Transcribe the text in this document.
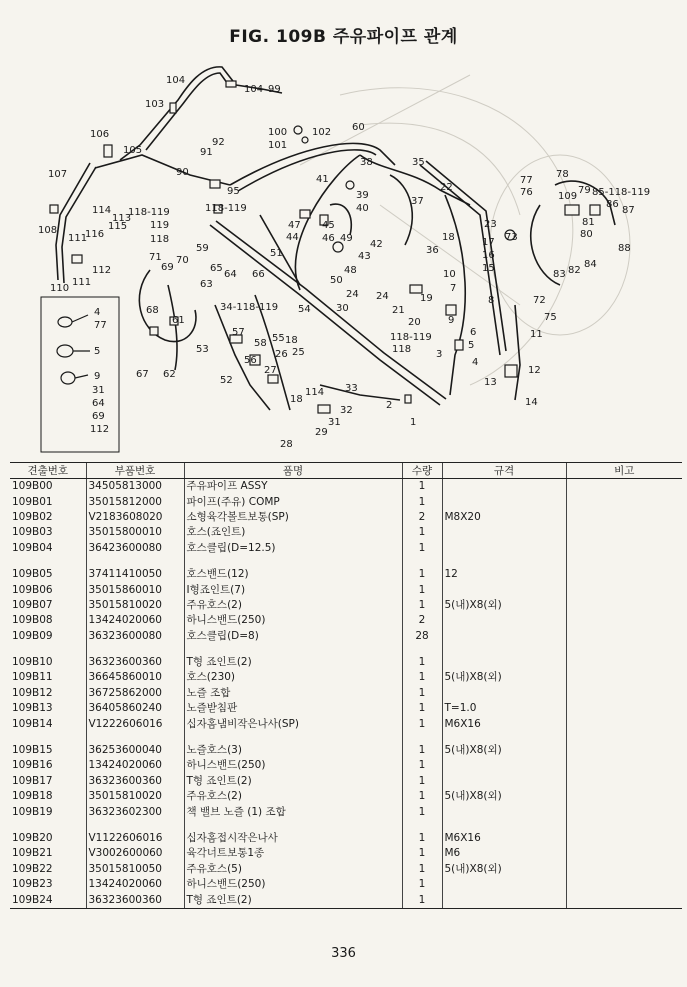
FIG. 109B 주유파이프 관계
4
77
5
9
31
64
69
112
104
104 99
103
105
106
107
108
110
111
111
112
113
114
115
116
118-119
118
119
100
101
102
92
91
90
95
118-119
60
38	35
22
39
40
41
37
45
46
47
44	49
42
43
48
50
24
30
36
18	17
16
15
10
7
8
9
6
5
4
3
2
1
11
12
13
14
19
20
21
23
24
118-119
118
25
18
26
27
28
29
31
32
33
18
114
34-118-119
52
53
54
55
56
57
58
59
61
62
63
64
65
66
67
68
69
70
71
72
73
75
76
77
78
79
80
81
82
83
84
85-118-119
86
87
88
51
109
견출번호	부품번호	품명	수량	규격	비고
109B00	34505813000	주유파이프 ASSY	1		
109B01	35015812000	파이프(주유) COMP	1		
109B02	V2183608020	소형육각볼트보통(SP)	2	M8X20	
109B03	35015800010	호스(죠인트)	1		
109B04	36423600080	호스클립(D=12.5)	1		

109B05	37411410050	호스밴드(12)	1	12	
109B06	35015860010	I형죠인트(7)	1		
109B07	35015810020	주유호스(2)	1	5(내)X8(외)	
109B08	13424020060	하니스밴드(250)	2		
109B09	36323600080	호스클립(D=8)	28		

109B10	36323600360	T형 죠인트(2)	1		
109B11	36645860010	호스(230)	1	5(내)X8(외)	
109B12	36725862000	노즐 조합	1		
109B13	36405860240	노즐받침판	1	T=1.0	
109B14	V1222606016	십자홈냄비작은나사(SP)	1	M6X16	

109B15	36253600040	노즐호스(3)	1	5(내)X8(외)	
109B16	13424020060	하니스밴드(250)	1		
109B17	36323600360	T형 죠인트(2)	1		
109B18	35015810020	주유호스(2)	1	5(내)X8(외)	
109B19	36323602300	책 밸브 노즐 (1) 조합	1		

109B20	V1122606016	십자홈접시작은나사	1	M6X16	
109B21	V3002600060	육각너트보통1종	1	M6	
109B22	35015810050	주유호스(5)	1	5(내)X8(외)	
109B23	13424020060	하니스밴드(250)	1		
109B24	36323600360	T형 죠인트(2)	1		
336
